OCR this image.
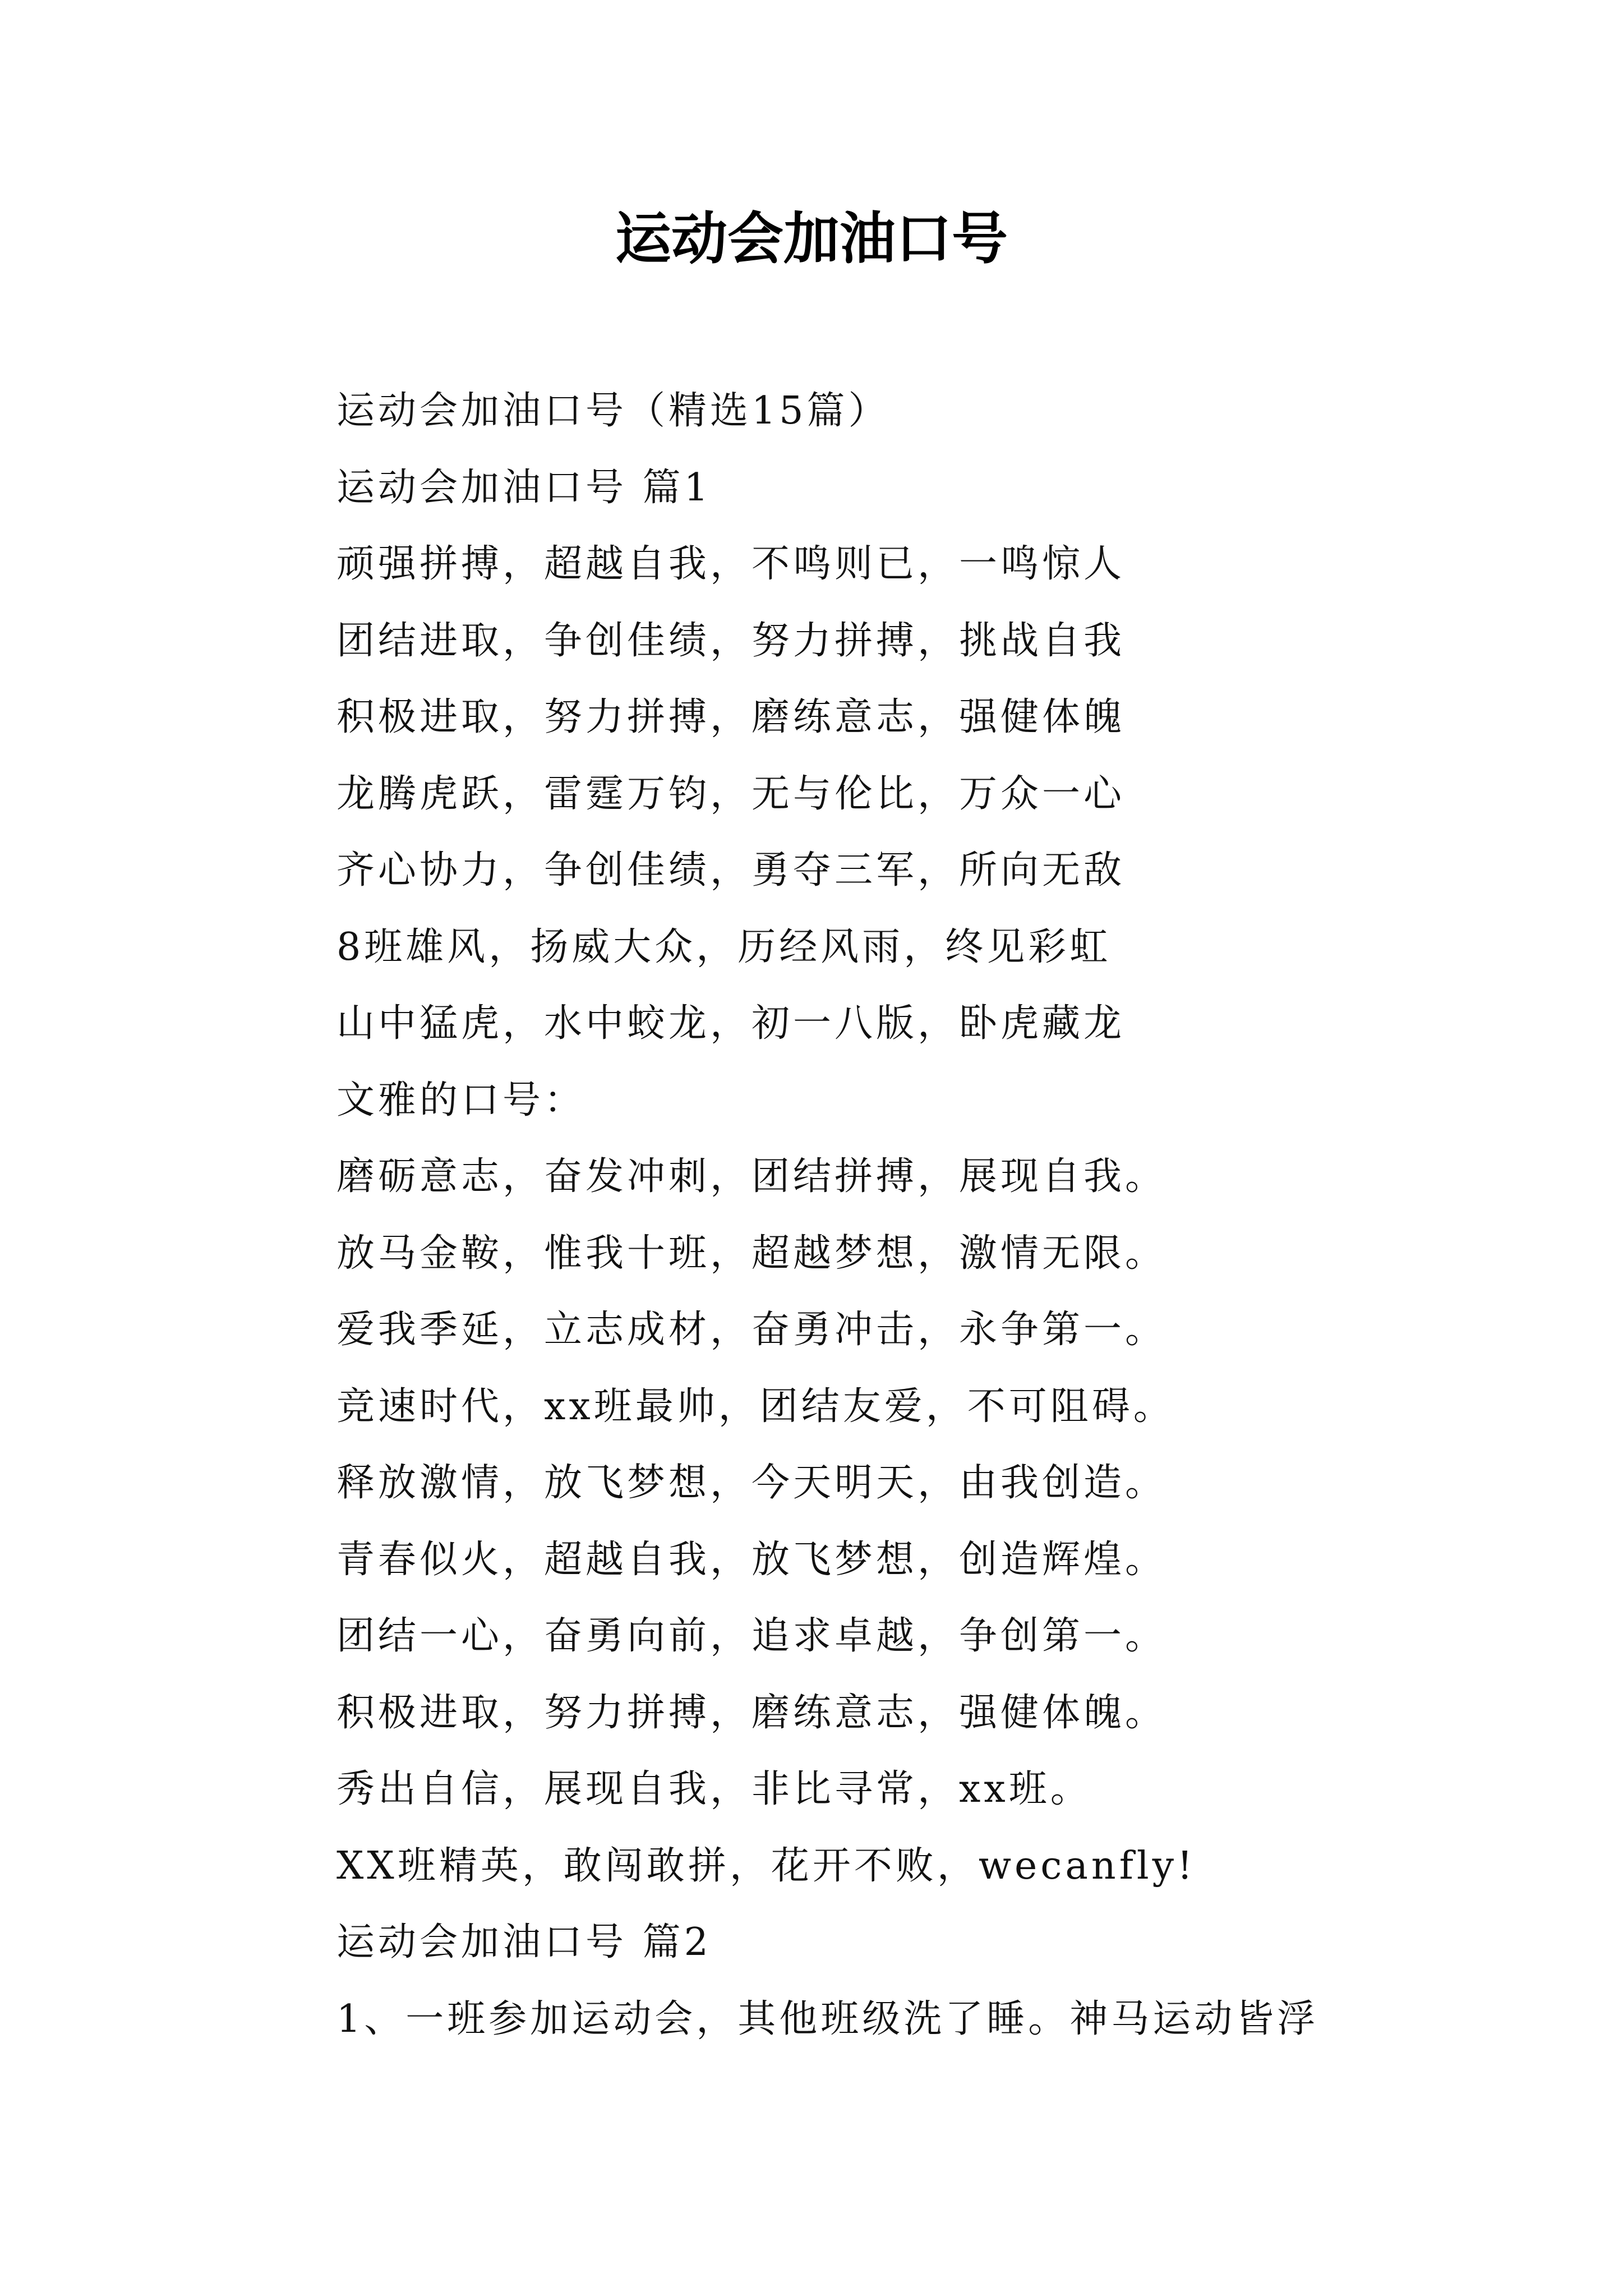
运动会加油口号
运动会加油口号（精选15篇）
运动会加油口号 篇1
顽强拼搏，超越自我，不鸣则已，一鸣惊人
团结进取，争创佳绩，努力拼搏，挑战自我
积极进取，努力拼搏，磨练意志，强健体魄
龙腾虎跃，雷霆万钧，无与伦比，万众一心
齐心协力，争创佳绩，勇夺三军，所向无敌
8班雄风，扬威大众，历经风雨，终见彩虹
山中猛虎，水中蛟龙，初一八版，卧虎藏龙
文雅的口号：
磨砺意志，奋发冲刺，团结拼搏，展现自我。
放马金鞍，惟我十班，超越梦想，激情无限。
爱我季延，立志成材，奋勇冲击，永争第一。
竞速时代，xx班最帅，团结友爱，不可阻碍。
释放激情，放飞梦想，今天明天，由我创造。
青春似火，超越自我，放飞梦想，创造辉煌。
团结一心，奋勇向前，追求卓越，争创第一。
积极进取，努力拼搏，磨练意志，强健体魄。
秀出自信，展现自我，非比寻常，xx班。
XX班精英，敢闯敢拼，花开不败，wecanfly!
运动会加油口号 篇2
1、一班参加运动会，其他班级洗了睡。神马运动皆浮
